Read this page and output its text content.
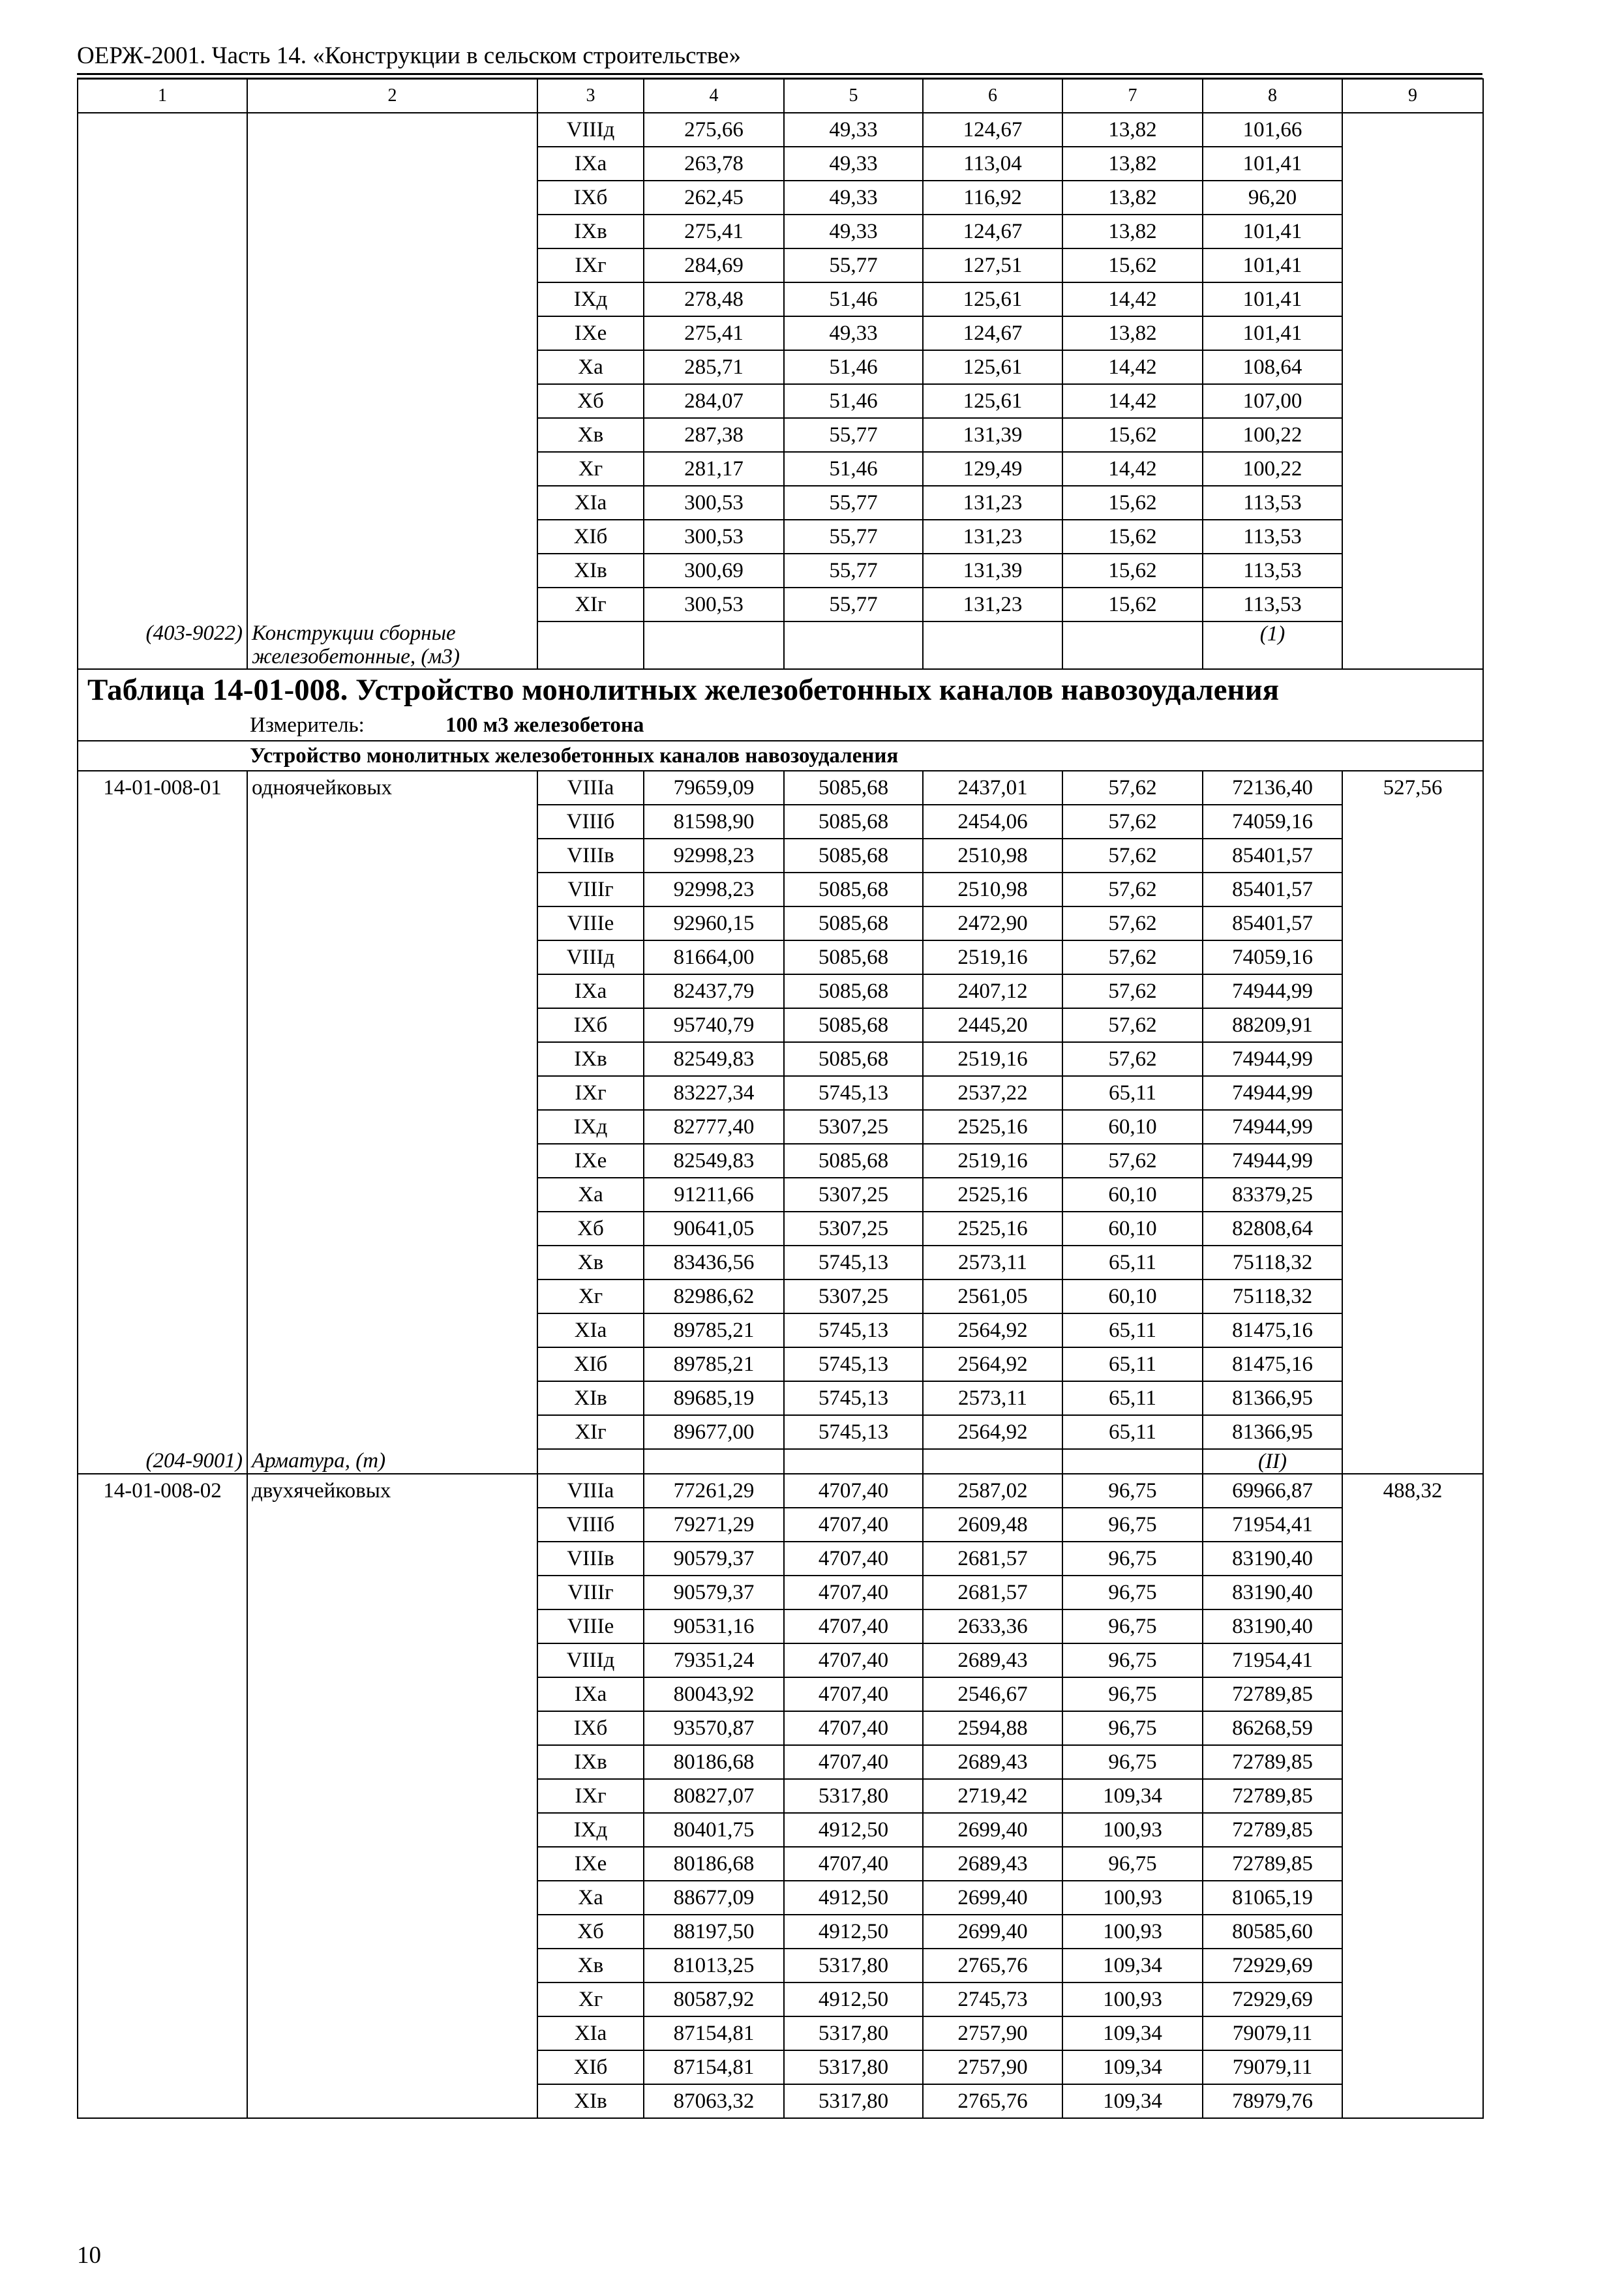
ОЕРЖ-2001. Часть 14. «Конструкции в сельском строительстве»
1	2	3	4	5	6	7	8	9
		VIIIд	275,66	49,33	124,67	13,82	101,66	
		IXа	263,78	49,33	113,04	13,82	101,41	
		IXб	262,45	49,33	116,92	13,82	96,20	
		IXв	275,41	49,33	124,67	13,82	101,41	
		IXг	284,69	55,77	127,51	15,62	101,41	
		IXд	278,48	51,46	125,61	14,42	101,41	
		IXе	275,41	49,33	124,67	13,82	101,41	
		Xа	285,71	51,46	125,61	14,42	108,64	
		Xб	284,07	51,46	125,61	14,42	107,00	
		Xв	287,38	55,77	131,39	15,62	100,22	
		Xг	281,17	51,46	129,49	14,42	100,22	
		XIа	300,53	55,77	131,23	15,62	113,53	
		XIб	300,53	55,77	131,23	15,62	113,53	
		XIв	300,69	55,77	131,39	15,62	113,53	
		XIг	300,53	55,77	131,23	15,62	113,53	
(403-9022)	Конструкции сборные железобетонные, (м3)						(1)	
Таблица 14-01-008. Устройство монолитных железобетонных каналов навозоудаления								
Измеритель: 100 м3 железобетона								
Устройство монолитных железобетонных каналов навозоудаления								
14-01-008-01	одноячейковых	VIIIа	79659,09	5085,68	2437,01	57,62	72136,40	527,56
		VIIIб	81598,90	5085,68	2454,06	57,62	74059,16	
		VIIIв	92998,23	5085,68	2510,98	57,62	85401,57	
		VIIIг	92998,23	5085,68	2510,98	57,62	85401,57	
		VIIIе	92960,15	5085,68	2472,90	57,62	85401,57	
		VIIIд	81664,00	5085,68	2519,16	57,62	74059,16	
		IXа	82437,79	5085,68	2407,12	57,62	74944,99	
		IXб	95740,79	5085,68	2445,20	57,62	88209,91	
		IXв	82549,83	5085,68	2519,16	57,62	74944,99	
		IXг	83227,34	5745,13	2537,22	65,11	74944,99	
		IXд	82777,40	5307,25	2525,16	60,10	74944,99	
		IXе	82549,83	5085,68	2519,16	57,62	74944,99	
		Xа	91211,66	5307,25	2525,16	60,10	83379,25	
		Xб	90641,05	5307,25	2525,16	60,10	82808,64	
		Xв	83436,56	5745,13	2573,11	65,11	75118,32	
		Xг	82986,62	5307,25	2561,05	60,10	75118,32	
		XIа	89785,21	5745,13	2564,92	65,11	81475,16	
		XIб	89785,21	5745,13	2564,92	65,11	81475,16	
		XIв	89685,19	5745,13	2573,11	65,11	81366,95	
		XIг	89677,00	5745,13	2564,92	65,11	81366,95	
(204-9001)	Арматура, (т)						(II)	
14-01-008-02	двухячейковых	VIIIа	77261,29	4707,40	2587,02	96,75	69966,87	488,32
		VIIIб	79271,29	4707,40	2609,48	96,75	71954,41	
		VIIIв	90579,37	4707,40	2681,57	96,75	83190,40	
		VIIIг	90579,37	4707,40	2681,57	96,75	83190,40	
		VIIIе	90531,16	4707,40	2633,36	96,75	83190,40	
		VIIIд	79351,24	4707,40	2689,43	96,75	71954,41	
		IXа	80043,92	4707,40	2546,67	96,75	72789,85	
		IXб	93570,87	4707,40	2594,88	96,75	86268,59	
		IXв	80186,68	4707,40	2689,43	96,75	72789,85	
		IXг	80827,07	5317,80	2719,42	109,34	72789,85	
		IXд	80401,75	4912,50	2699,40	100,93	72789,85	
		IXе	80186,68	4707,40	2689,43	96,75	72789,85	
		Xа	88677,09	4912,50	2699,40	100,93	81065,19	
		Xб	88197,50	4912,50	2699,40	100,93	80585,60	
		Xв	81013,25	5317,80	2765,76	109,34	72929,69	
		Xг	80587,92	4912,50	2745,73	100,93	72929,69	
		XIа	87154,81	5317,80	2757,90	109,34	79079,11	
		XIб	87154,81	5317,80	2757,90	109,34	79079,11	
		XIв	87063,32	5317,80	2765,76	109,34	78979,76	
10
